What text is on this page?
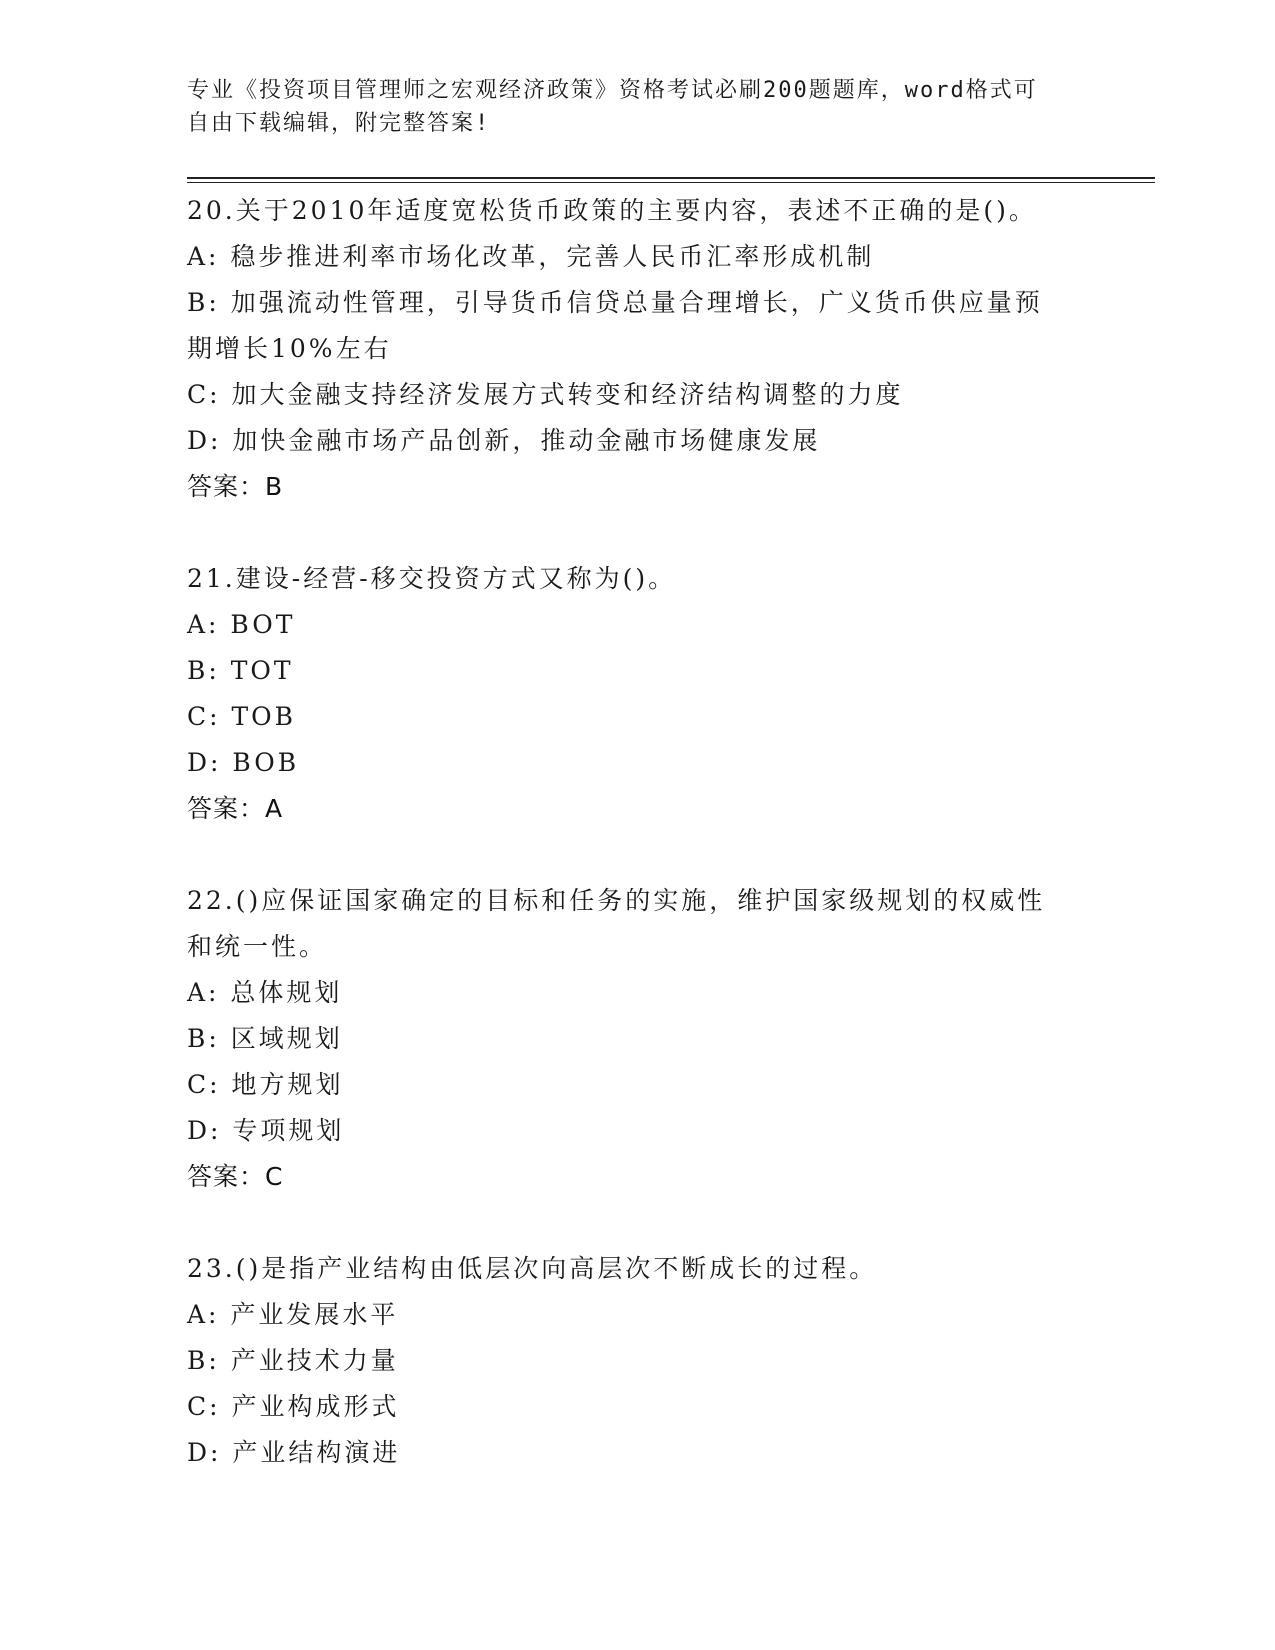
专业《投资项目管理师之宏观经济政策》资格考试必刷200题题库，word格式可
自由下载编辑，附完整答案!
20.关于2010年适度宽松货币政策的主要内容，表述不正确的是()。
A: 稳步推进利率市场化改革，完善人民币汇率形成机制
B: 加强流动性管理，引导货币信贷总量合理增长，广义货币供应量预
期增长10%左右
C: 加大金融支持经济发展方式转变和经济结构调整的力度
D: 加快金融市场产品创新，推动金融市场健康发展
答案：B
21.建设-经营-移交投资方式又称为()。
A: BOT
B: TOT
C: TOB
D: BOB
答案：A
22.()应保证国家确定的目标和任务的实施，维护国家级规划的权威性
和统一性。
A: 总体规划
B: 区域规划
C: 地方规划
D: 专项规划
答案：C
23.()是指产业结构由低层次向高层次不断成长的过程。
A: 产业发展水平
B: 产业技术力量
C: 产业构成形式
D: 产业结构演进
